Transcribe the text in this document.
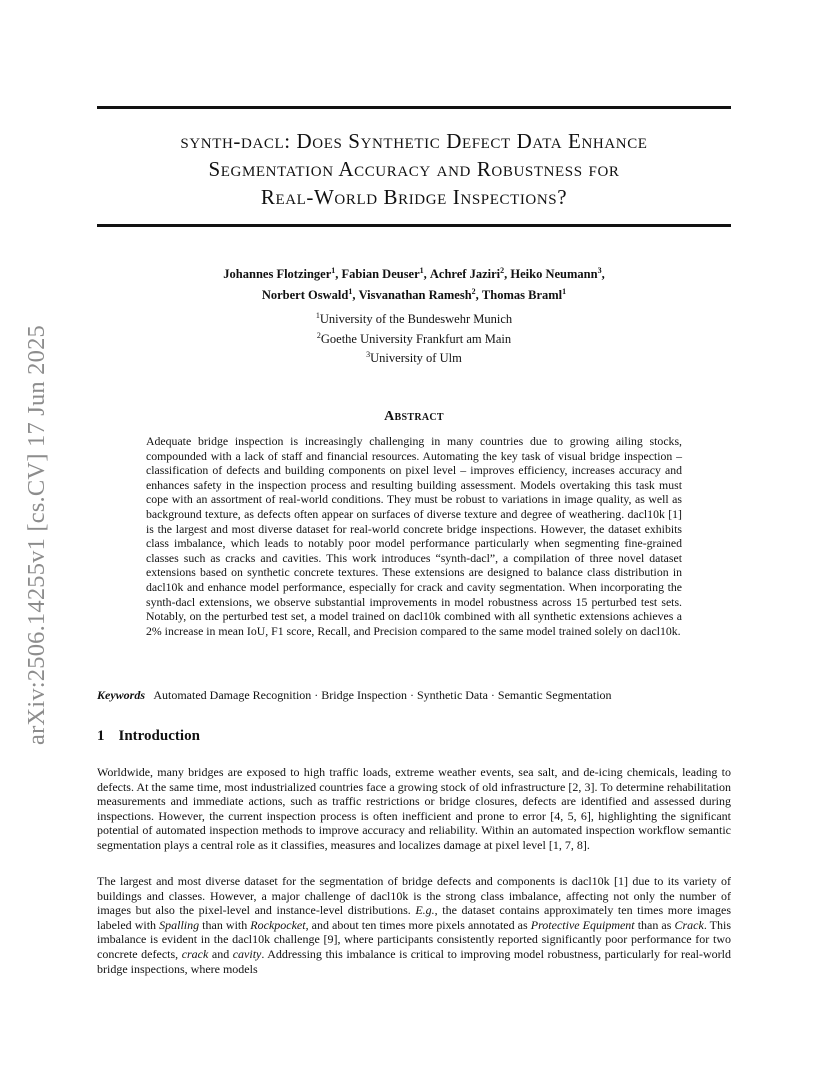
arXiv:2506.14255v1 [cs.CV] 17 Jun 2025
synth-dacl: Does Synthetic Defect Data Enhance
Segmentation Accuracy and Robustness for
Real-World Bridge Inspections?
Johannes Flotzinger$^1$, Fabian Deuser$^1$, Achref Jaziri$^2$, Heiko Neumann$^3$,
Norbert Oswald$^1$, Visvanathan Ramesh$^2$, Thomas Braml$^1$
$^1$University of the Bundeswehr Munich
$^2$Goethe University Frankfurt am Main
$^3$University of Ulm
Abstract
Adequate bridge inspection is increasingly challenging in many countries due to growing ailing stocks, compounded with a lack of staff and financial resources. Automating the key task of visual bridge inspection – classification of defects and building components on pixel level – improves efficiency, increases accuracy and enhances safety in the inspection process and resulting building assessment. Models overtaking this task must cope with an assortment of real-world conditions. They must be robust to variations in image quality, as well as background texture, as defects often appear on surfaces of diverse texture and degree of weathering. dacl10k [1] is the largest and most diverse dataset for real-world concrete bridge inspections. However, the dataset exhibits class imbalance, which leads to notably poor model performance particularly when segmenting fine-grained classes such as cracks and cavities. This work introduces “synth-dacl”, a compilation of three novel dataset extensions based on synthetic concrete textures. These extensions are designed to balance class distribution in dacl10k and enhance model performance, especially for crack and cavity segmentation. When incorporating the synth-dacl extensions, we observe substantial improvements in model robustness across 15 perturbed test sets. Notably, on the perturbed test set, a model trained on dacl10k combined with all synthetic extensions achieves a 2% increase in mean IoU, F1 score, Recall, and Precision compared to the same model trained solely on dacl10k.
Keywords Automated Damage Recognition · Bridge Inspection · Synthetic Data · Semantic Segmentation
1 Introduction
Worldwide, many bridges are exposed to high traffic loads, extreme weather events, sea salt, and de-icing chemicals, leading to defects. At the same time, most industrialized countries face a growing stock of old infrastructure [2, 3]. To determine rehabilitation measurements and immediate actions, such as traffic restrictions or bridge closures, defects are identified and assessed during inspections. However, the current inspection process is often inefficient and prone to error [4, 5, 6], highlighting the significant potential of automated inspection methods to improve accuracy and reliability. Within an automated inspection workflow semantic segmentation plays a central role as it classifies, measures and localizes damage at pixel level [1, 7, 8].
The largest and most diverse dataset for the segmentation of bridge defects and components is dacl10k [1] due to its variety of buildings and classes. However, a major challenge of dacl10k is the strong class imbalance, affecting not only the number of images but also the pixel-level and instance-level distributions. E.g., the dataset contains approximately ten times more images labeled with Spalling than with Rockpocket, and about ten times more pixels annotated as Protective Equipment than as Crack. This imbalance is evident in the dacl10k challenge [9], where participants consistently reported significantly poor performance for two concrete defects, crack and cavity. Addressing this imbalance is critical to improving model robustness, particularly for real-world bridge inspections, where models
